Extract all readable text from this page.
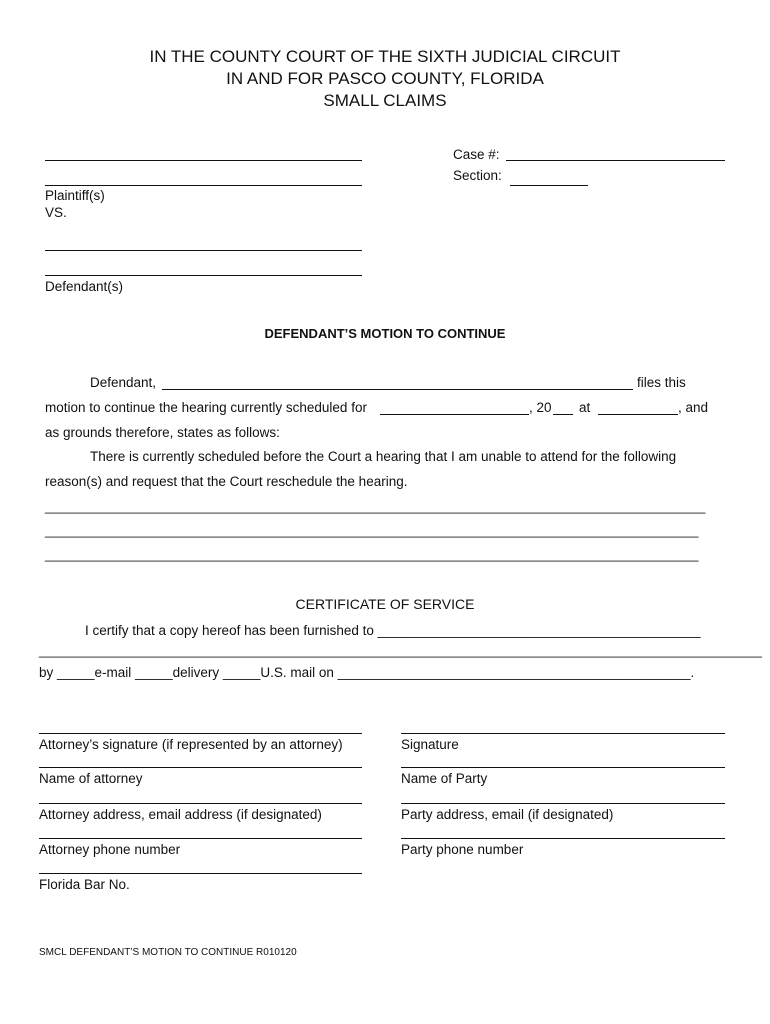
IN THE COUNTY COURT OF THE SIXTH JUDICIAL CIRCUIT
IN AND FOR PASCO COUNTY, FLORIDA
SMALL CLAIMS
Plaintiff(s)
VS.
Defendant(s)
Case #:
Section:
DEFENDANT’S MOTION TO CONTINUE
Defendant,	files this
motion to continue the hearing currently scheduled for	, 20 at	, and
as grounds therefore, states as follows:
There is currently scheduled before the Court a hearing that I am unable to attend for the following
reason(s) and request that the Court reschedule the hearing.
_______________________________________________________________________________________________
______________________________________________________________________________________________
______________________________________________________________________________________________
CERTIFICATE OF SERVICE
I certify that a copy hereof has been furnished to ___________________________________________
________________________________________________________________________________________________________
by _____e-mail _____delivery _____U.S. mail on _______________________________________________.
Attorney’s signature (if represented by an attorney)
Name of attorney
Attorney address, email address (if designated)
Attorney phone number
Florida Bar No.
Signature
Name of Party
Party address, email (if designated)
Party phone number
SMCL DEFENDANT’S MOTION TO CONTINUE R010120
